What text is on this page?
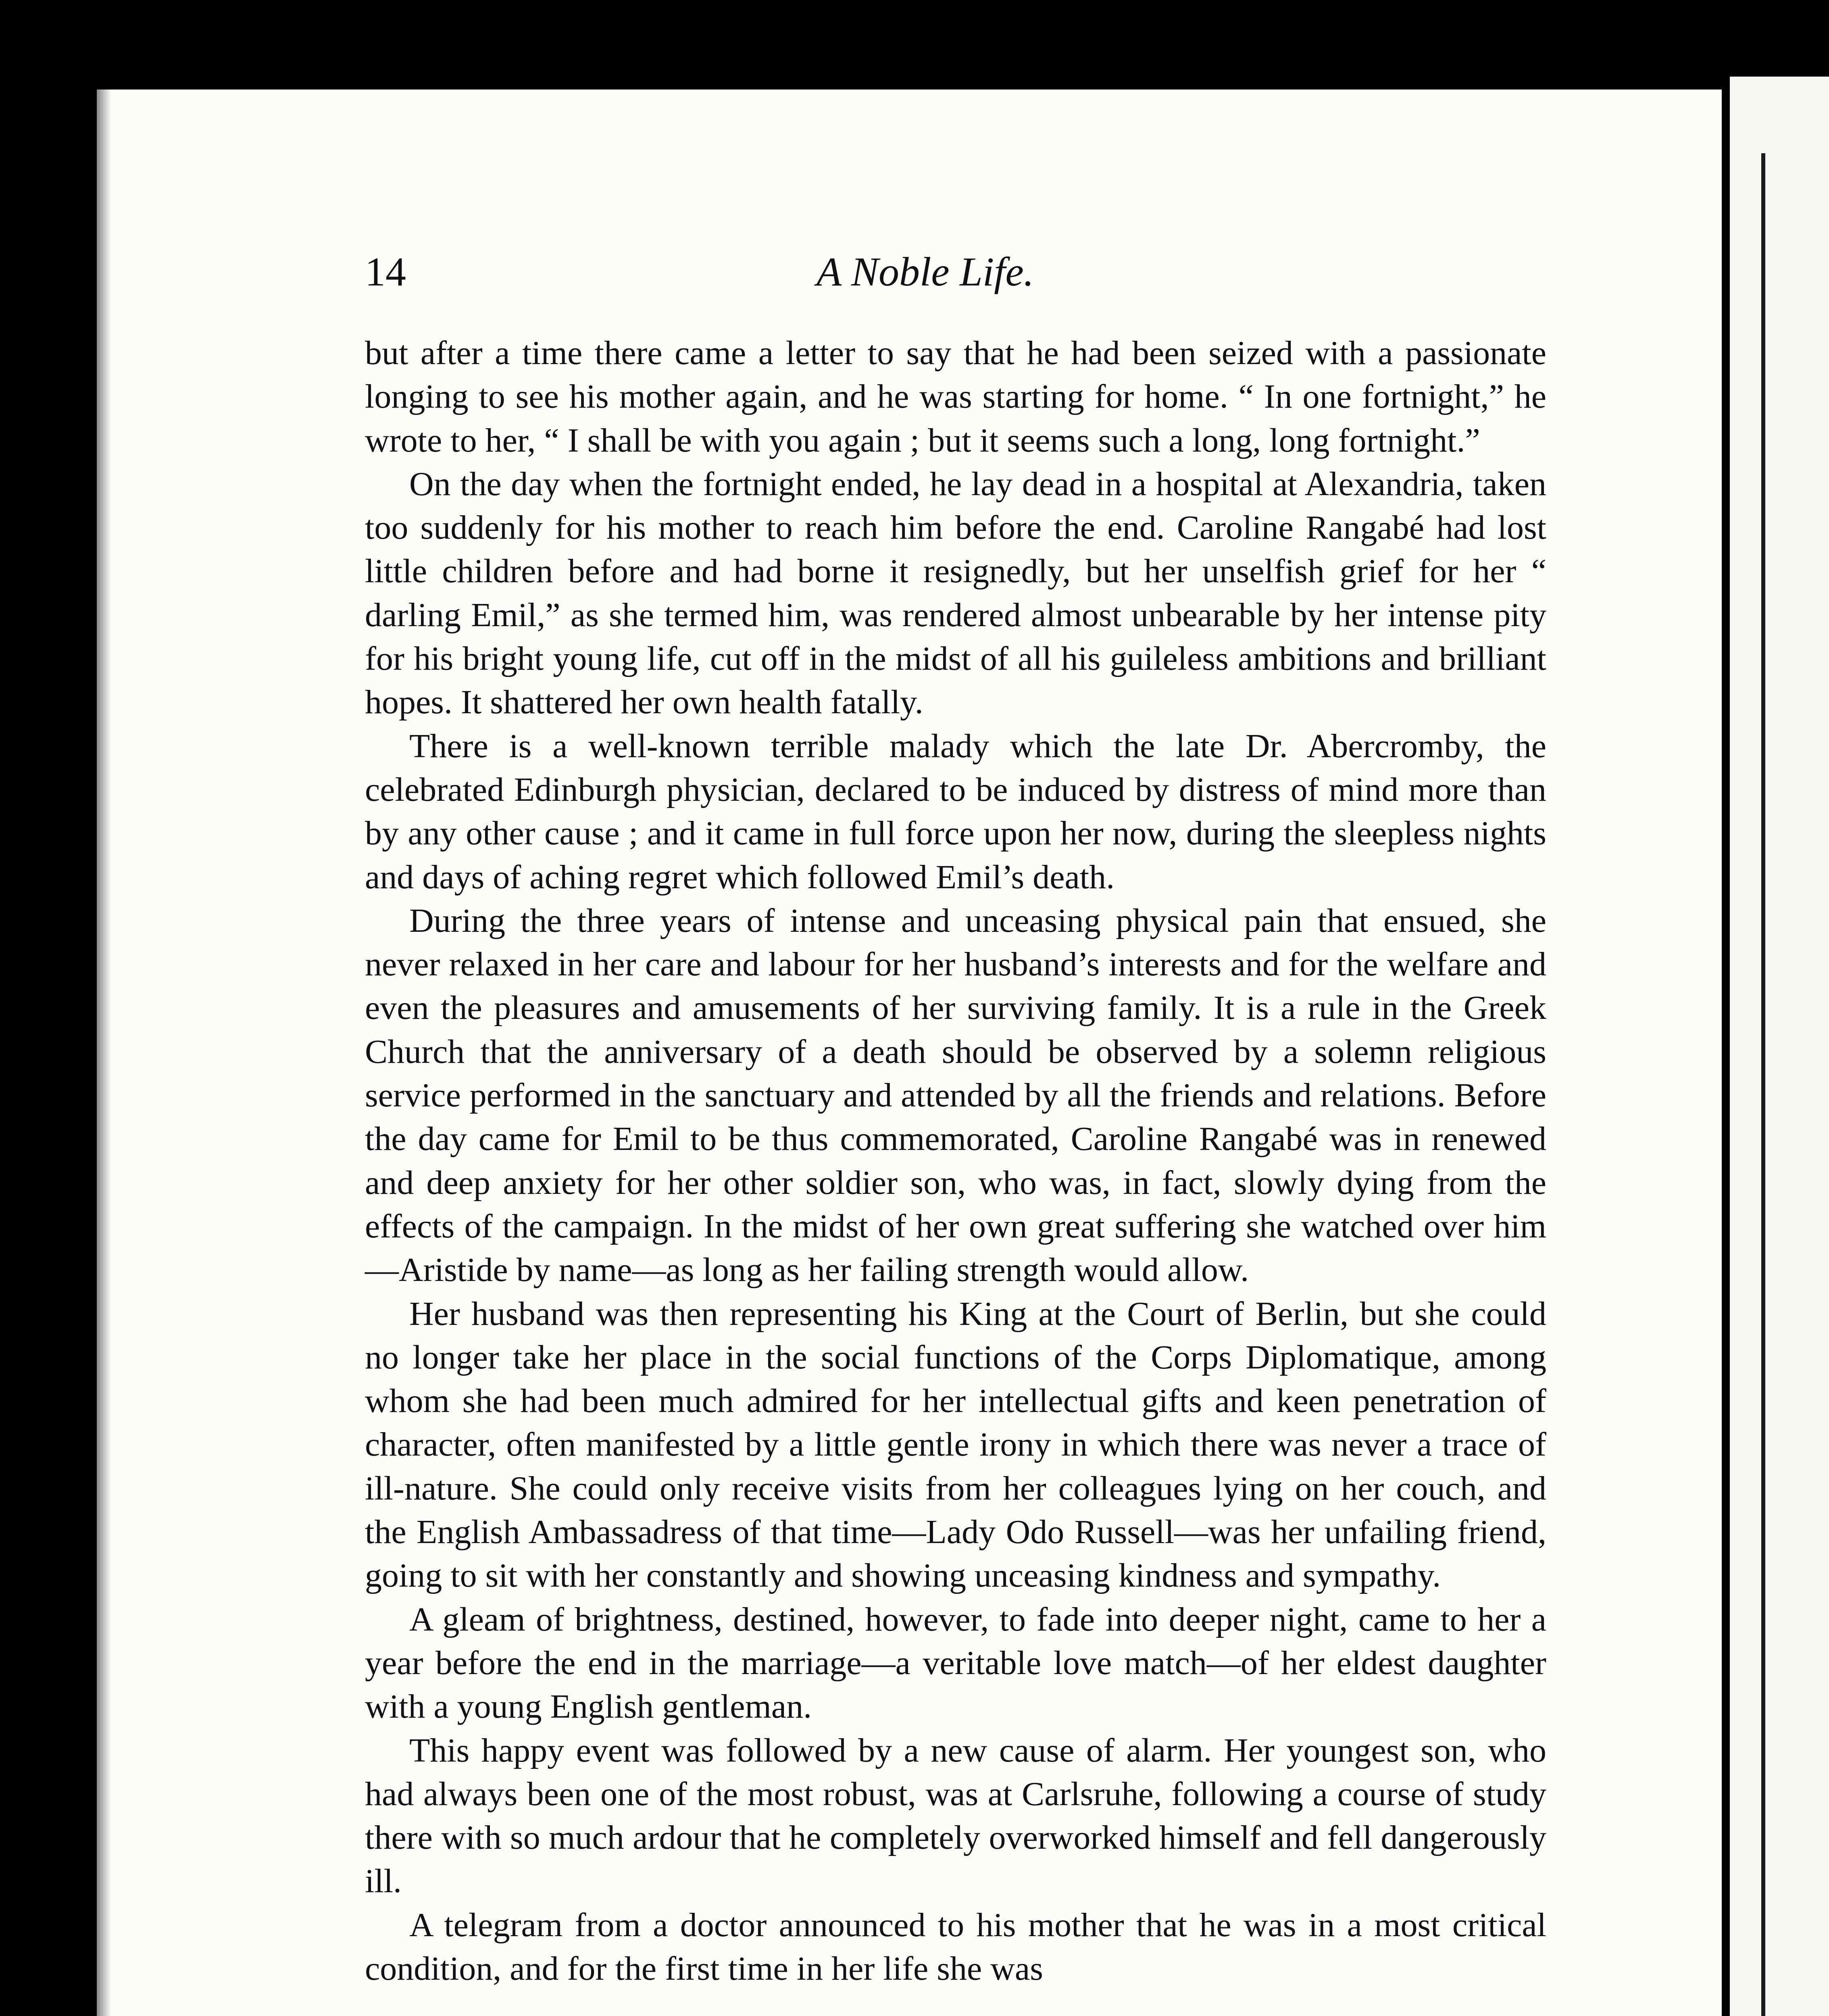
14	A Noble Life.

but after a time there came a letter to say that he had been seized with a passionate longing to see his mother again, and he was starting for home. “ In one fortnight,” he wrote to her, “ I shall be with you again ; but it seems such a long, long fortnight.”

On the day when the fortnight ended, he lay dead in a hospital at Alexandria, taken too suddenly for his mother to reach him before the end. Caroline Rangabé had lost little children before and had borne it resignedly, but her unselfish grief for her “ darling Emil,” as she termed him, was rendered almost unbearable by her intense pity for his bright young life, cut off in the midst of all his guileless ambitions and brilliant hopes. It shattered her own health fatally.

There is a well-known terrible malady which the late Dr. Abercromby, the celebrated Edinburgh physician, declared to be induced by distress of mind more than by any other cause ; and it came in full force upon her now, during the sleepless nights and days of aching regret which followed Emil’s death.

During the three years of intense and unceasing physical pain that ensued, she never relaxed in her care and labour for her husband’s interests and for the welfare and even the pleasures and amusements of her surviving family. It is a rule in the Greek Church that the anniversary of a death should be observed by a solemn religious service performed in the sanctuary and attended by all the friends and relations. Before the day came for Emil to be thus commemorated, Caroline Rangabé was in renewed and deep anxiety for her other soldier son, who was, in fact, slowly dying from the effects of the campaign. In the midst of her own great suffering she watched over him—Aristide by name—as long as her failing strength would allow.

Her husband was then representing his King at the Court of Berlin, but she could no longer take her place in the social functions of the Corps Diplomatique, among whom she had been much admired for her intellectual gifts and keen penetration of character, often manifested by a little gentle irony in which there was never a trace of ill-nature. She could only receive visits from her colleagues lying on her couch, and the English Ambassadress of that time—Lady Odo Russell—was her unfailing friend, going to sit with her constantly and showing unceasing kindness and sympathy.

A gleam of brightness, destined, however, to fade into deeper night, came to her a year before the end in the marriage—a veritable love match—of her eldest daughter with a young English gentleman.

This happy event was followed by a new cause of alarm. Her youngest son, who had always been one of the most robust, was at Carlsruhe, following a course of study there with so much ardour that he completely overworked himself and fell dangerously ill.

A telegram from a doctor announced to his mother that he was in a most critical condition, and for the first time in her life she was
